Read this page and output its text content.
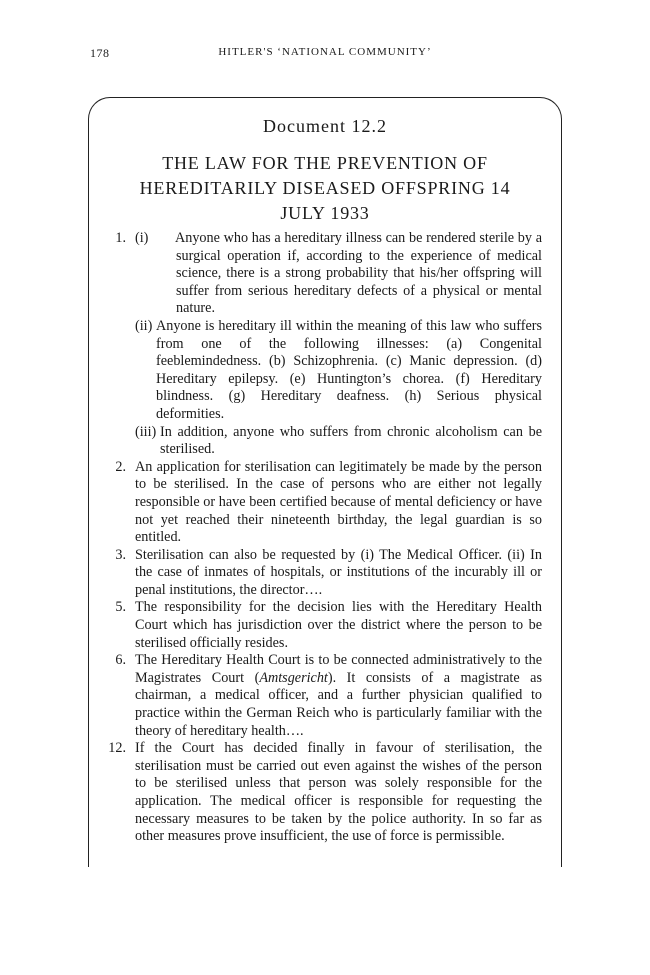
178	HITLER'S ‘NATIONAL COMMUNITY’
Document 12.2
THE LAW FOR THE PREVENTION OF HEREDITARILY DISEASED OFFSPRING 14 JULY 1933
1. (i)	Anyone who has a hereditary illness can be rendered sterile by a surgical operation if, according to the experience of medical science, there is a strong probability that his/her offspring will suffer from serious hereditary defects of a physical or mental nature.
(ii) Anyone is hereditary ill within the meaning of this law who suffers from one of the following illnesses: (a) Congenital feeblemindedness. (b) Schizophrenia. (c) Manic depression. (d) Hereditary epilepsy. (e) Huntington’s chorea. (f) Hereditary blindness. (g) Hereditary deafness. (h) Serious physical deformities.
(iii) In addition, anyone who suffers from chronic alcoholism can be sterilised.
2. An application for sterilisation can legitimately be made by the person to be sterilised. In the case of persons who are either not legally responsible or have been certified because of mental deficiency or have not yet reached their nineteenth birthday, the legal guardian is so entitled.
3. Sterilisation can also be requested by (i) The Medical Officer. (ii) In the case of inmates of hospitals, or institutions of the incurably ill or penal institutions, the director….
5. The responsibility for the decision lies with the Hereditary Health Court which has jurisdiction over the district where the person to be sterilised officially resides.
6. The Hereditary Health Court is to be connected administratively to the Magistrates Court (Amtsgericht). It consists of a magistrate as chairman, a medical officer, and a further physician qualified to practice within the German Reich who is particularly familiar with the theory of hereditary health….
12. If the Court has decided finally in favour of sterilisation, the sterilisation must be carried out even against the wishes of the person to be sterilised unless that person was solely responsible for the application. The medical officer is responsible for requesting the necessary measures to be taken by the police authority. In so far as other measures prove insufficient, the use of force is permissible.
